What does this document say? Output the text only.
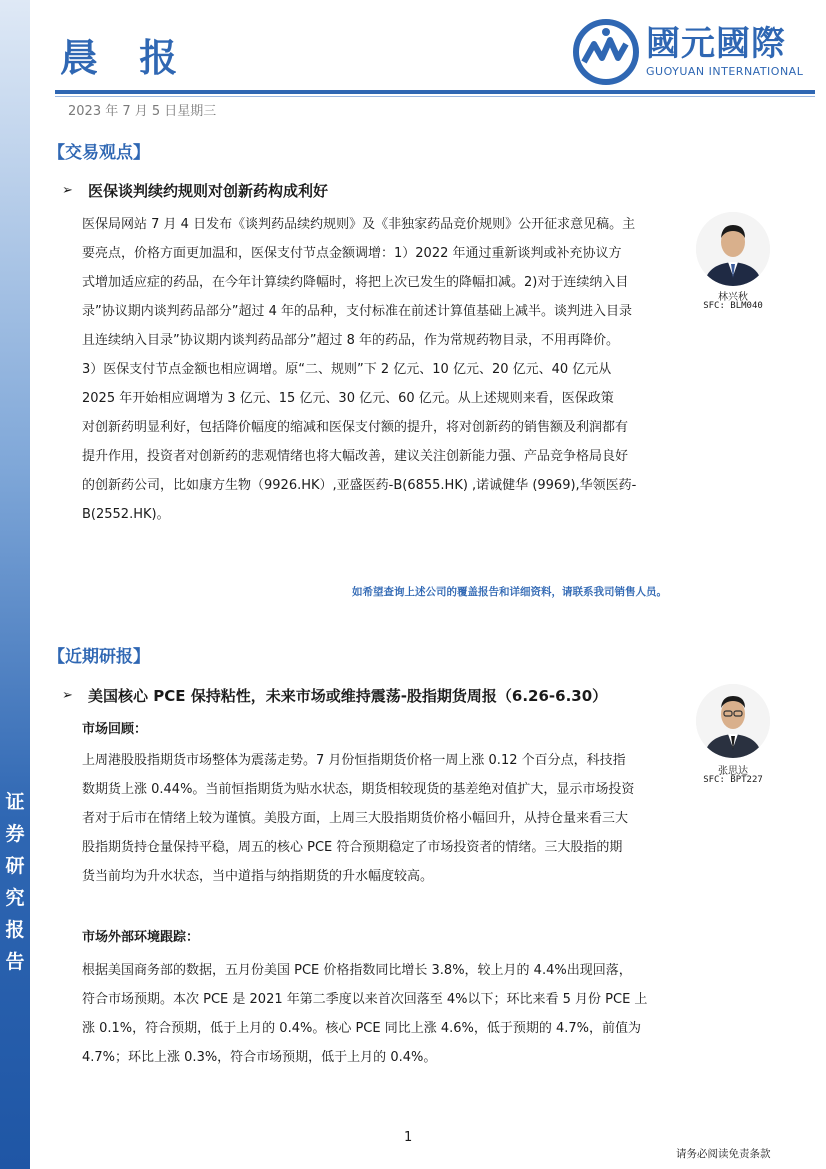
证
券
研
究
报
告
晨 报
2023 年 7 月 5 日星期三
國元國際
GUOYUAN INTERNATIONAL
【交易观点】
➢ 医保谈判续约规则对创新药构成利好
医保局网站 7 月 4 日发布《谈判药品续约规则》及《非独家药品竞价规则》公开征求意见稿。主
要亮点，价格方面更加温和，医保支付节点金额调增：1）2022 年通过重新谈判或补充协议方
式增加适应症的药品，在今年计算续约降幅时，将把上次已发生的降幅扣减。2)对于连续纳入目
录”协议期内谈判药品部分”超过 4 年的品种，支付标准在前述计算值基础上减半。谈判进入目录
且连续纳入目录”协议期内谈判药品部分”超过 8 年的药品，作为常规药物目录，不用再降价。
3）医保支付节点金额也相应调增。原“二、规则”下 2 亿元、10 亿元、20 亿元、40 亿元从
2025 年开始相应调增为 3 亿元、15 亿元、30 亿元、60 亿元。从上述规则来看，医保政策
对创新药明显利好，包括降价幅度的缩减和医保支付额的提升，将对创新药的销售额及利润都有
提升作用，投资者对创新药的悲观情绪也将大幅改善，建议关注创新能力强、产品竞争格局良好
的创新药公司，比如康方生物（9926.HK）,亚盛医药-B(6855.HK) ,诺诚健华 (9969),华领医药-
B(2552.HK)。
如希望查询上述公司的覆盖报告和详细资料，请联系我司销售人员。
林兴秋
SFC: BLM040
【近期研报】
➢ 美国核心 PCE 保持粘性，未来市场或维持震荡-股指期货周报（6.26-6.30）
市场回顾：
上周港股股指期货市场整体为震荡走势。7 月份恒指期货价格一周上涨 0.12 个百分点，科技指
数期货上涨 0.44%。当前恒指期货为贴水状态，期货相较现货的基差绝对值扩大，显示市场投资
者对于后市在情绪上较为谨慎。美股方面，上周三大股指期货价格小幅回升，从持仓量来看三大
股指期货持仓量保持平稳，周五的核心 PCE 符合预期稳定了市场投资者的情绪。三大股指的期
货当前均为升水状态，当中道指与纳指期货的升水幅度较高。
市场外部环境跟踪：
根据美国商务部的数据，五月份美国 PCE 价格指数同比增长 3.8%，较上月的 4.4%出现回落，
符合市场预期。本次 PCE 是 2021 年第二季度以来首次回落至 4%以下；环比来看 5 月份 PCE 上
涨 0.1%，符合预期，低于上月的 0.4%。核心 PCE 同比上涨 4.6%，低于预期的 4.7%，前值为
4.7%；环比上涨 0.3%，符合市场预期，低于上月的 0.4%。
张思达
SFC: BPT227
1
请务必阅读免责条款
